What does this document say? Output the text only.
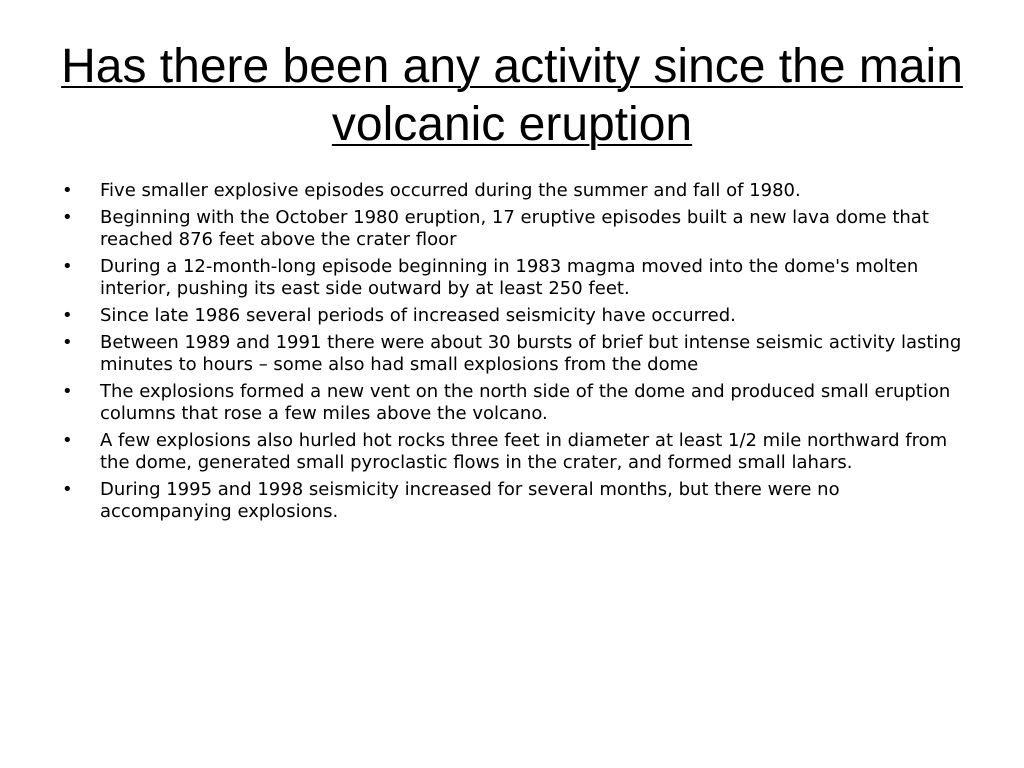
Has there been any activity since the main volcanic eruption
•	Five smaller explosive episodes occurred during the summer and fall of 1980.
•	Beginning with the October 1980 eruption, 17 eruptive episodes built a new lava dome that reached 876 feet above the crater floor
•	During a 12-month-long episode beginning in 1983 magma moved into the dome's molten interior, pushing its east side outward by at least 250 feet.
•	Since late 1986 several periods of increased seismicity have occurred.
•	Between 1989 and 1991 there were about 30 bursts of brief but intense seismic activity lasting minutes to hours – some also had small explosions from the dome
•	The explosions formed a new vent on the north side of the dome and produced small eruption columns that rose a few miles above the volcano.
•	A few explosions also hurled hot rocks three feet in diameter at least 1/2 mile northward from the dome, generated small pyroclastic flows in the crater, and formed small lahars.
•	During 1995 and 1998 seismicity increased for several months, but there were no accompanying explosions.
